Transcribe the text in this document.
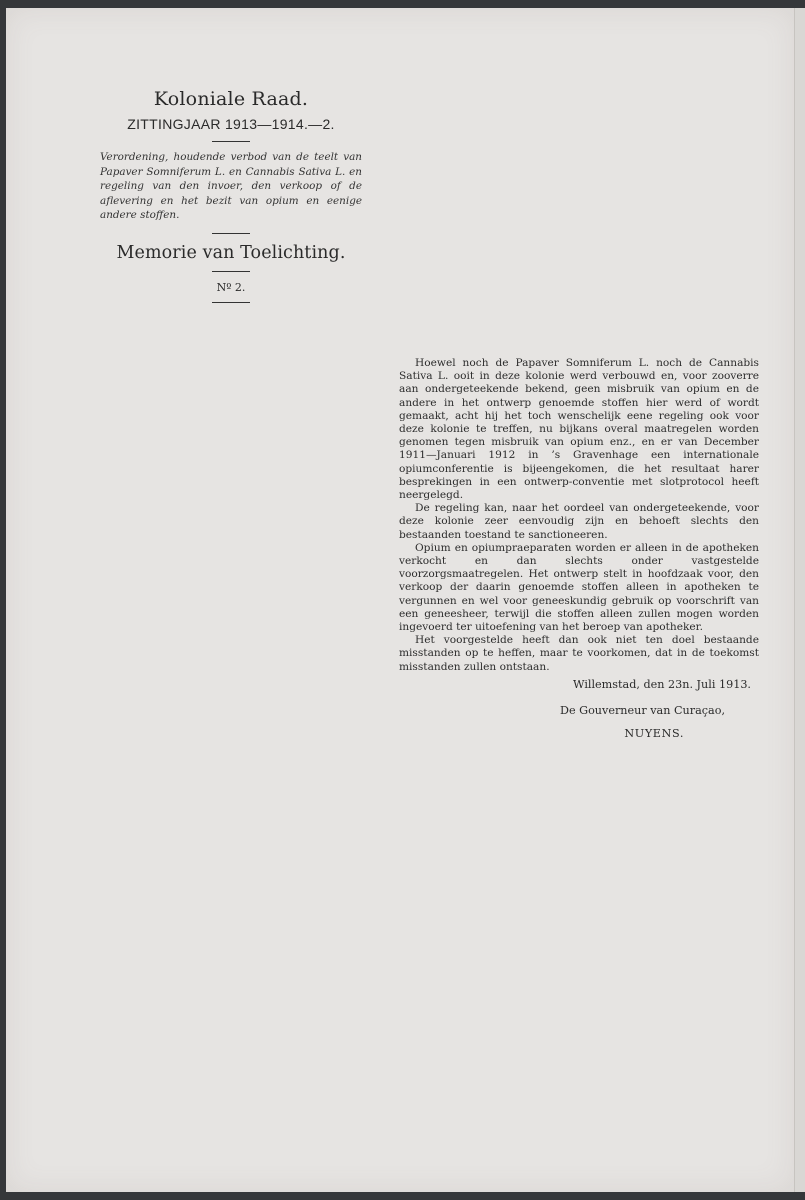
Koloniale Raad.
ZITTINGJAAR 1913—1914.—2.
Verordening, houdende verbod van de teelt van Papaver Somniferum L. en Cannabis Sativa L. en regeling van den invoer, den verkoop of de aflevering en het bezit van opium en eenige andere stoffen.
Memorie van Toelichting.
Nº 2.

Hoewel noch de Papaver Somniferum L. noch de Cannabis Sativa L. ooit in deze kolonie werd verbouwd en, voor zooverre aan ondergeteekende bekend, geen misbruik van opium en de andere in het ontwerp genoemde stoffen hier werd of wordt gemaakt, acht hij het toch wenschelijk eene regeling ook voor deze kolonie te treffen, nu bijkans overal maatregelen worden genomen tegen misbruik van opium enz., en er van December 1911—Januari 1912 in ’s Gravenhage een internationale opiumconferentie is bijeengekomen, die het resultaat harer besprekingen in een ontwerp-conventie met slotprotocol heeft neergelegd.

De regeling kan, naar het oordeel van ondergeteekende, voor deze kolonie zeer eenvoudig zijn en behoeft slechts den bestaanden toestand te sanctioneeren.

Opium en opiumpraeparaten worden er alleen in de apotheken verkocht en dan slechts onder vastgestelde voorzorgsmaatregelen. Het ontwerp stelt in hoofdzaak voor, den verkoop der daarin genoemde stoffen alleen in apotheken te vergunnen en wel voor geneeskundig gebruik op voorschrift van een geneesheer, terwijl die stoffen alleen zullen mogen worden ingevoerd ter uitoefening van het beroep van apotheker.

Het voorgestelde heeft dan ook niet ten doel bestaande misstanden op te heffen, maar te voorkomen, dat in de toekomst misstanden zullen ontstaan.

Willemstad, den 23n. Juli 1913.
De Gouverneur van Curaçao,
NUYENS.
